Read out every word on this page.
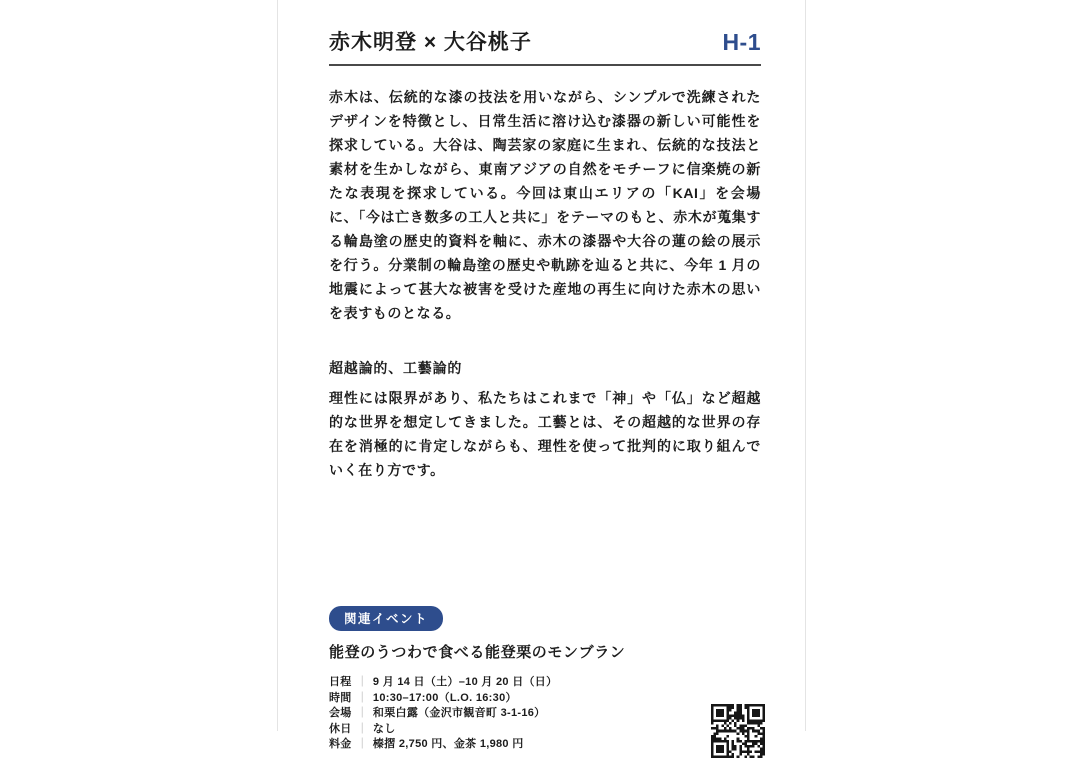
赤木明登 × 大谷桃子	H-1

赤木は、伝統的な漆の技法を用いながら、シンプルで洗練されたデザインを特徴とし、日常生活に溶け込む漆器の新しい可能性を探求している。大谷は、陶芸家の家庭に生まれ、伝統的な技法と素材を生かしながら、東南アジアの自然をモチーフに信楽焼の新たな表現を探求している。今回は東山エリアの「KAI」を会場に、「今は亡き数多の工人と共に」をテーマのもと、赤木が蒐集する輪島塗の歴史的資料を軸に、赤木の漆器や大谷の蓮の絵の展示を行う。分業制の輪島塗の歴史や軌跡を辿ると共に、今年 1 月の地震によって甚大な被害を受けた産地の再生に向けた赤木の思いを表すものとなる。

超越論的、工藝論的

理性には限界があり、私たちはこれまで「神」や「仏」など超越的な世界を想定してきました。工藝とは、その超越的な世界の存在を消極的に肯定しながらも、理性を使って批判的に取り組んでいく在り方です。

関連イベント
能登のうつわで食べる能登栗のモンブラン
日程 ｜ 9 月 14 日（土）–10 月 20 日（日）
時間 ｜ 10:30–17:00（L.O. 16:30）
会場 ｜ 和栗白露（金沢市観音町 3-1-16）
休日 ｜ なし
料金 ｜ 榛摺 2,750 円、金茶 1,980 円
